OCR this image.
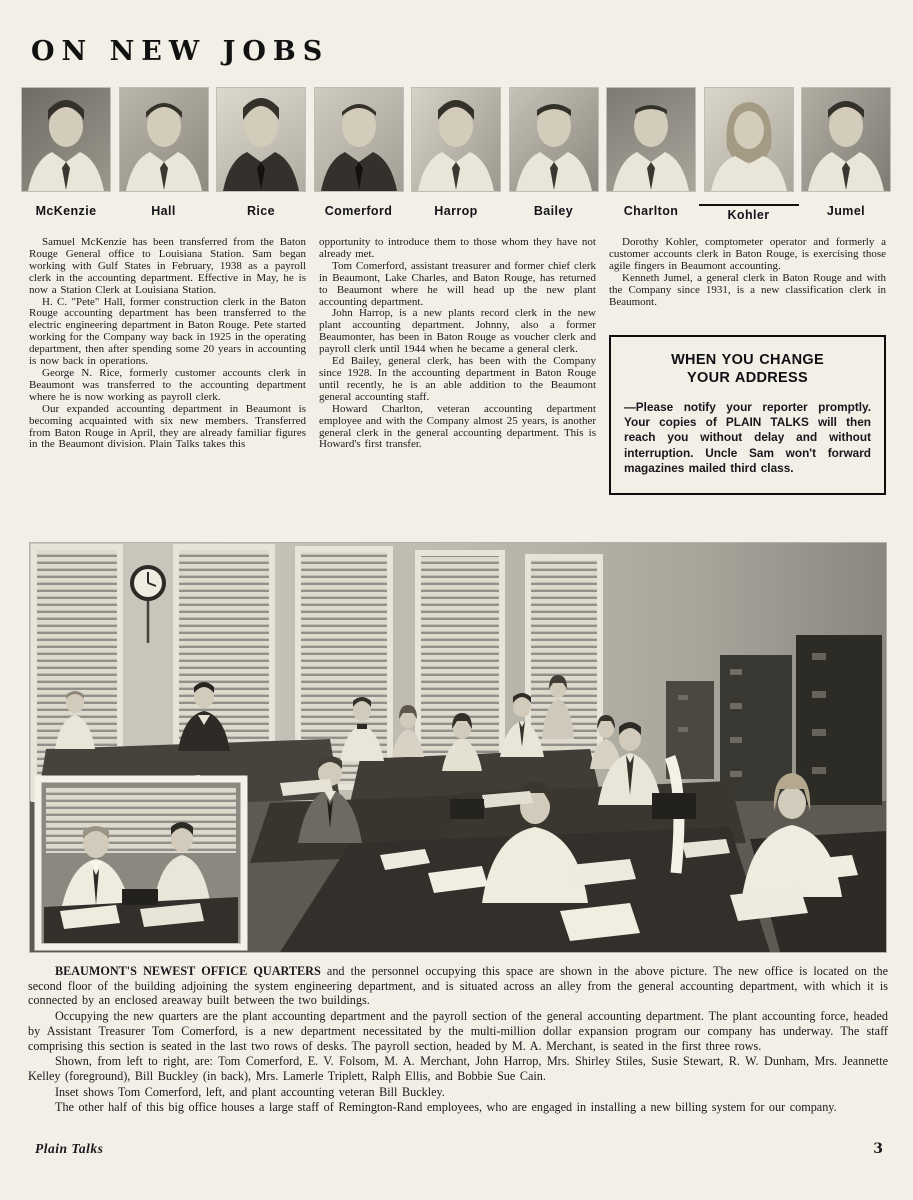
ON NEW JOBS
McKenzie	Hall	Rice	Comerford	Harrop	Bailey	Charlton	Kohler	Jumel

Samuel McKenzie has been transferred from the Baton Rouge General office to Louisiana Station. Sam began working with Gulf States in February, 1938 as a payroll clerk in the accounting department. Effective in May, he is now a Station Clerk at Louisiana Station.

H. C. "Pete" Hall, former construction clerk in the Baton Rouge accounting department has been transferred to the electric engineering department in Baton Rouge. Pete started working for the Company way back in 1925 in the operating department, then after spending some 20 years in accounting is now back in operations.

George N. Rice, formerly customer accounts clerk in Beaumont was transferred to the accounting department where he is now working as payroll clerk.

Our expanded accounting department in Beaumont is becoming acquainted with six new members. Transferred from Baton Rouge in April, they are already familiar figures in the Beaumont division. Plain Talks takes this

opportunity to introduce them to those whom they have not already met.

Tom Comerford, assistant treasurer and former chief clerk in Beaumont, Lake Charles, and Baton Rouge, has returned to Beaumont where he will head up the new plant accounting department.

John Harrop, is a new plants record clerk in the new plant accounting department. Johnny, also a former Beaumonter, has been in Baton Rouge as voucher clerk and payroll clerk until 1944 when he became a general clerk.

Ed Bailey, general clerk, has been with the Company since 1928. In the accounting department in Baton Rouge until recently, he is an able addition to the Beaumont general accounting staff.

Howard Charlton, veteran accounting department employee and with the Company almost 25 years, is another general clerk in the general accounting department. This is Howard's first transfer.

Dorothy Kohler, comptometer operator and formerly a customer accounts clerk in Baton Rouge, is exercising those agile fingers in Beaumont accounting.

Kenneth Jumel, a general clerk in Baton Rouge and with the Company since 1931, is a new classification clerk in Beaumont.

WHEN YOU CHANGE
YOUR ADDRESS
—Please notify your reporter promptly. Your copies of PLAIN TALKS will then reach you without delay and without interruption. Uncle Sam won't forward magazines mailed third class.

BEAUMONT'S NEWEST OFFICE QUARTERS and the personnel occupying this space are shown in the above picture. The new office is located on the second floor of the building adjoining the system engineering department, and is situated across an alley from the general accounting department, with which it is connected by an enclosed areaway built between the two buildings.

Occupying the new quarters are the plant accounting department and the payroll section of the general accounting department. The plant accounting force, headed by Assistant Treasurer Tom Comerford, is a new department necessitated by the multi-million dollar expansion program our company has underway. The staff comprising this section is seated in the last two rows of desks. The payroll section, headed by M. A. Merchant, is seated in the first three rows.

Shown, from left to right, are: Tom Comerford, E. V. Folsom, M. A. Merchant, John Harrop, Mrs. Shirley Stiles, Susie Stewart, R. W. Dunham, Mrs. Jeannette Kelley (foreground), Bill Buckley (in back), Mrs. Lamerle Triplett, Ralph Ellis, and Bobbie Sue Cain.

Inset shows Tom Comerford, left, and plant accounting veteran Bill Buckley.

The other half of this big office houses a large staff of Remington-Rand employees, who are engaged in installing a new billing system for our company.

Plain Talks	3
